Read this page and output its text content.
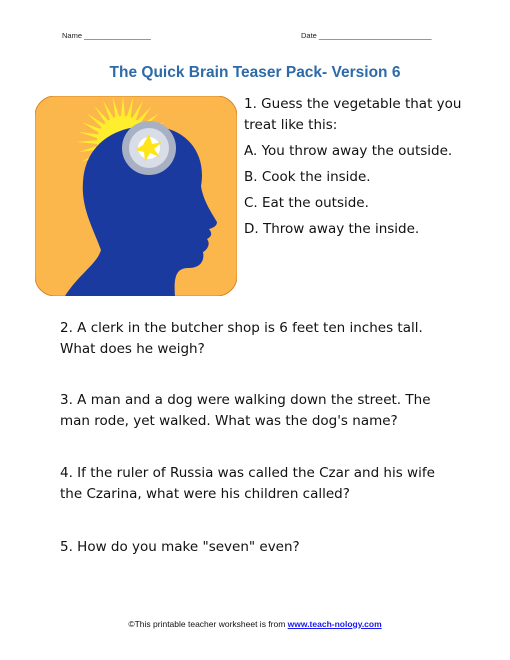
Name ________________	Date ___________________________
The Quick Brain Teaser Pack- Version 6

1. Guess the vegetable that you treat like this:

A. You throw away the outside.

B. Cook the inside.

C. Eat the outside.

D. Throw away the inside.

2. A clerk in the butcher shop is 6 feet ten inches tall. What does he weigh?

3. A man and a dog were walking down the street. The man rode, yet walked. What was the dog's name?

4. If the ruler of Russia was called the Czar and his wife the Czarina, what were his children called?

5. How do you make "seven" even?

©This printable teacher worksheet is from www.teach-nology.com
